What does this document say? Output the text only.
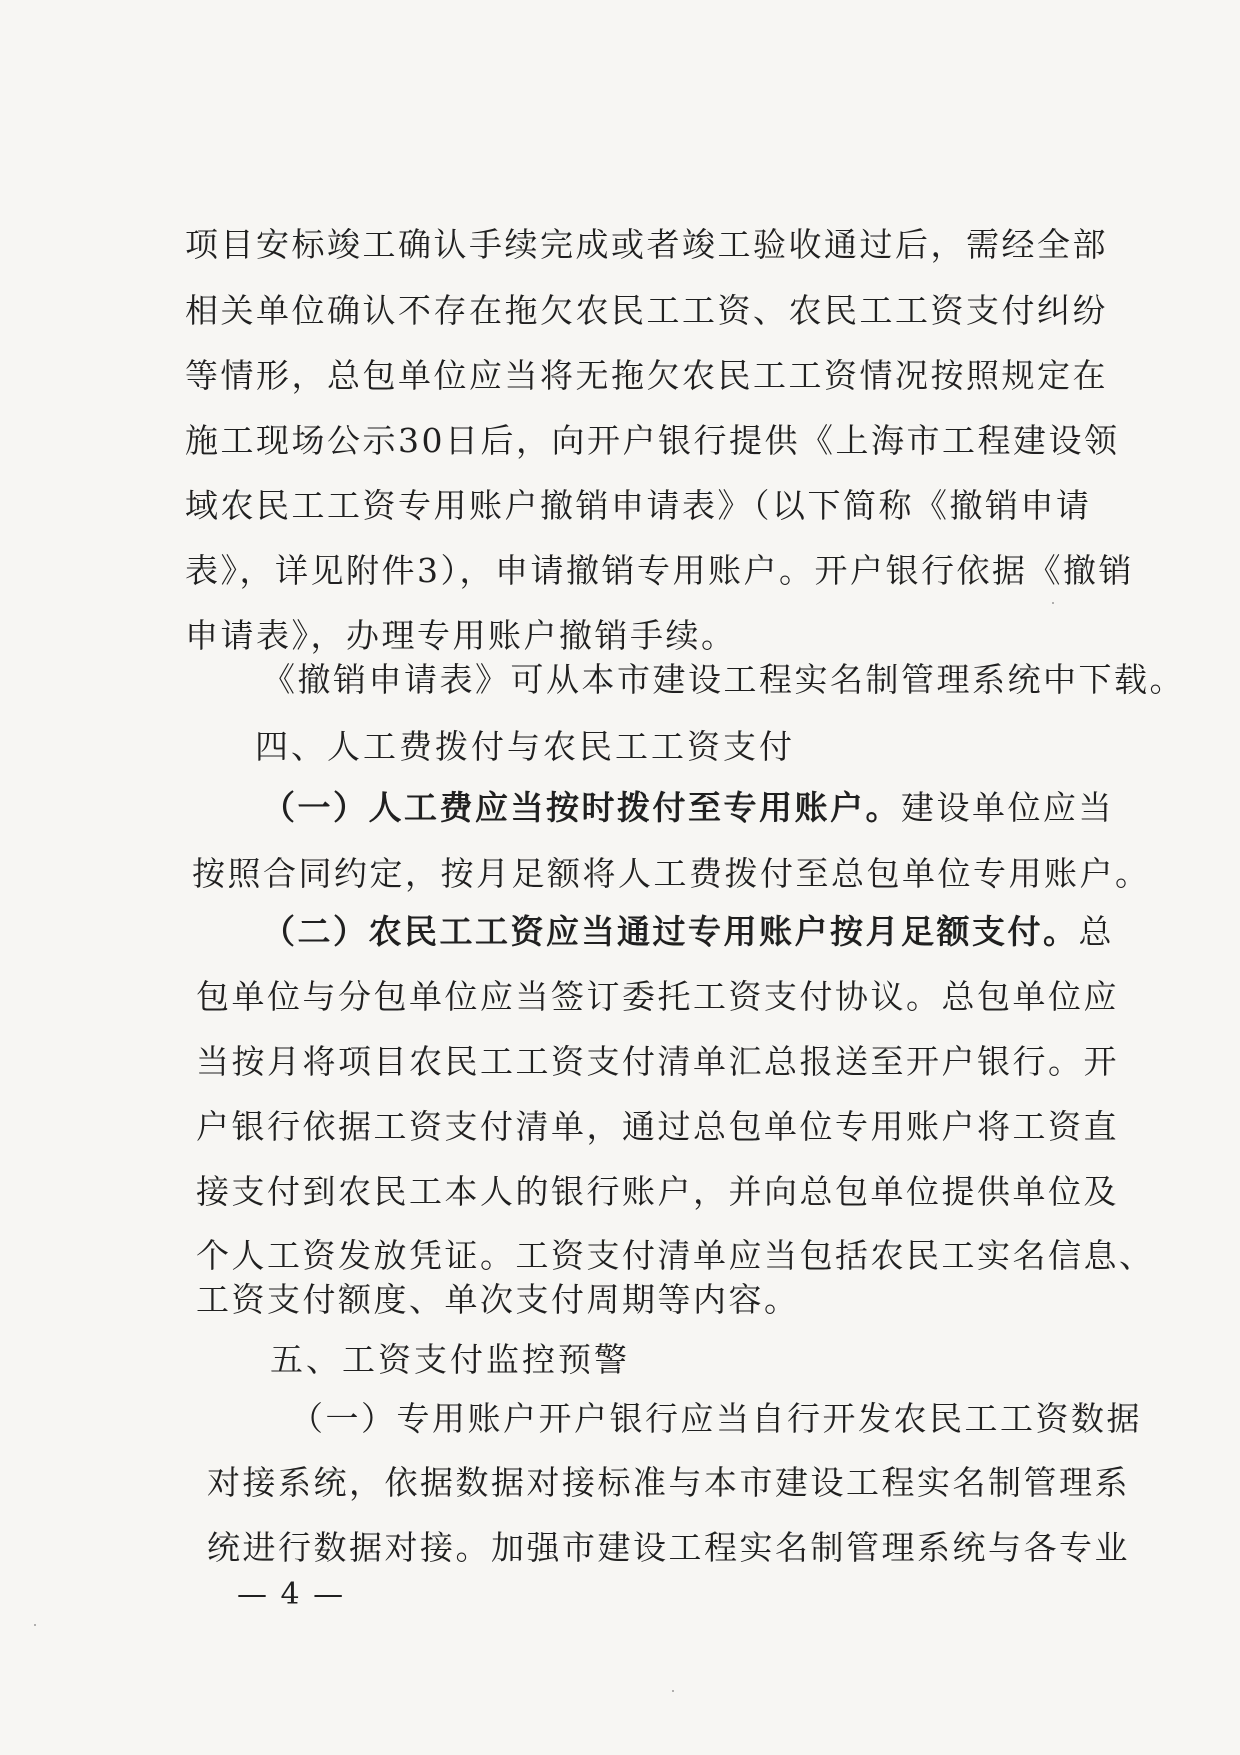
项目安标竣工确认手续完成或者竣工验收通过后，需经全部
相关单位确认不存在拖欠农民工工资、农民工工资支付纠纷
等情形，总包单位应当将无拖欠农民工工资情况按照规定在
施工现场公示30日后，向开户银行提供《上海市工程建设领
域农民工工资专用账户撤销申请表》（以下简称《撤销申请
表》，详见附件3），申请撤销专用账户。开户银行依据《撤销
申请表》，办理专用账户撤销手续。
《撤销申请表》可从本市建设工程实名制管理系统中下载。
四、人工费拨付与农民工工资支付
（一）人工费应当按时拨付至专用账户。建设单位应当
按照合同约定，按月足额将人工费拨付至总包单位专用账户。
（二）农民工工资应当通过专用账户按月足额支付。总
包单位与分包单位应当签订委托工资支付协议。总包单位应
当按月将项目农民工工资支付清单汇总报送至开户银行。开
户银行依据工资支付清单，通过总包单位专用账户将工资直
接支付到农民工本人的银行账户，并向总包单位提供单位及
个人工资发放凭证。工资支付清单应当包括农民工实名信息、
工资支付额度、单次支付周期等内容。
五、工资支付监控预警
（一）专用账户开户银行应当自行开发农民工工资数据
对接系统，依据数据对接标准与本市建设工程实名制管理系
统进行数据对接。加强市建设工程实名制管理系统与各专业
— 4 —
